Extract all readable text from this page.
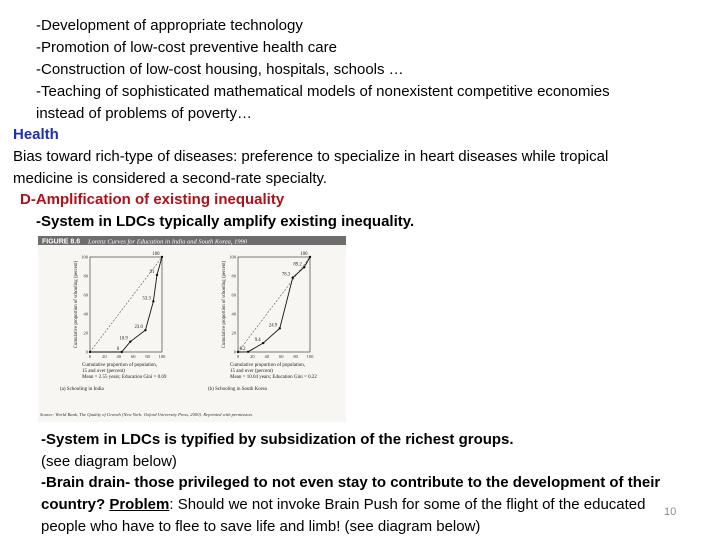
-Development of appropriate technology
-Promotion of low-cost preventive health care
-Construction of low-cost housing, hospitals, schools …
-Teaching of sophisticated mathematical models of nonexistent competitive economies
instead of problems of poverty…
Health
Bias toward rich-type of diseases: preference to specialize in heart diseases while tropical
medicine is considered a second-rate specialty.
D-Amplification of existing inequality
-System in LDCs typically amplify existing inequality.
FIGURE 8.6 Lorenz Curves for Education in India and South Korea, 1990
0
0
20
20
40
40
60
60
80
80
100
100
0
10.9
23.0
53.3
91
100
Cumulative proportion of schooling (percent)
Cumulative proportion of population,
15 and over (percent)
Mean = 2.55 years; Education Gini = 0.69
(a) Schooling in India
0
0
20
20
40
40
60
60
80
80
100
100
0.2
9.4
24.9
78.3
89.2
100
Cumulative proportion of schooling (percent)
Cumulative proportion of population,
15 and over (percent)
Mean = 10.04 years; Education Gini = 0.22
(b) Schooling in South Korea
Source: World Bank, The Quality of Growth (New York: Oxford University Press, 2000). Reprinted with permission.
-System in LDCs is typified by subsidization of the richest groups.
(see diagram below)
-Brain drain- those privileged to not even stay to contribute to the development of their
country? Problem: Should we not invoke Brain Push for some of the flight of the educated
people who have to flee to save life and limb! (see diagram below)
10
